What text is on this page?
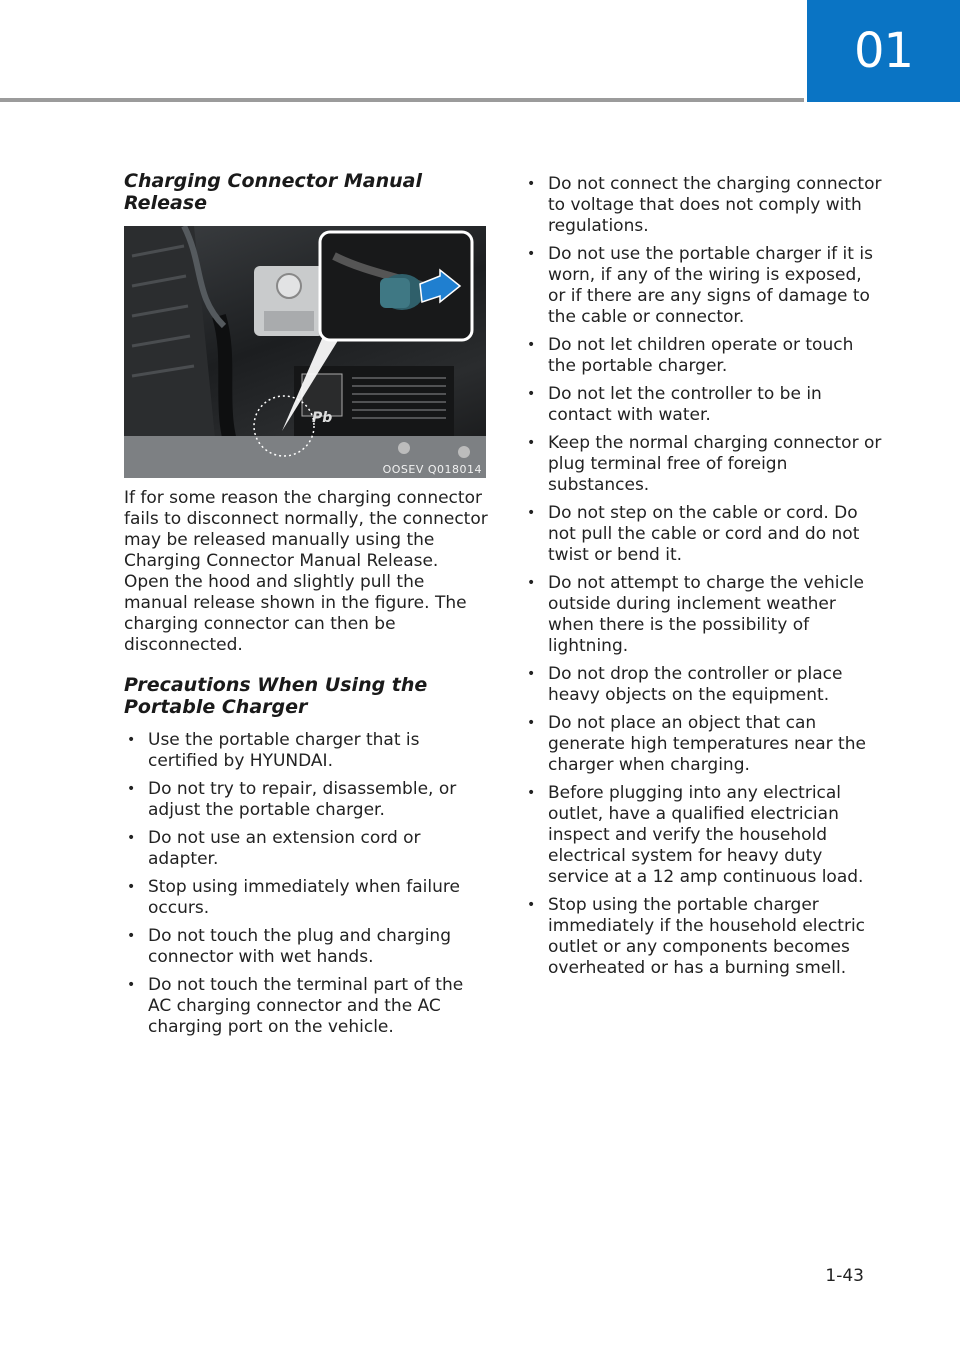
01
Charging Connector Manual Release
Pb
OOSEV Q018014

If for some reason the charging connector fails to disconnect normally, the connector may be released manually using the Charging Connector Manual Release. Open the hood and slightly pull the manual release shown in the figure. The charging connector can then be disconnected.

Precautions When Using the Portable Charger
• Use the portable charger that is certified by HYUNDAI.
• Do not try to repair, disassemble, or adjust the portable charger.
• Do not use an extension cord or adapter.
• Stop using immediately when failure occurs.
• Do not touch the plug and charging connector with wet hands.
• Do not touch the terminal part of the AC charging connector and the AC charging port on the vehicle.
• Do not connect the charging connector to voltage that does not comply with regulations.
• Do not use the portable charger if it is worn, if any of the wiring is exposed, or if there are any signs of damage to the cable or connector.
• Do not let children operate or touch the portable charger.
• Do not let the controller to be in contact with water.
• Keep the normal charging connector or plug terminal free of foreign substances.
• Do not step on the cable or cord. Do not pull the cable or cord and do not twist or bend it.
• Do not attempt to charge the vehicle outside during inclement weather when there is the possibility of lightning.
• Do not drop the controller or place heavy objects on the equipment.
• Do not place an object that can generate high temperatures near the charger when charging.
• Before plugging into any electrical outlet, have a qualified electrician inspect and verify the household electrical system for heavy duty service at a 12 amp continuous load.
• Stop using the portable charger immediately if the household electric outlet or any components becomes overheated or has a burning smell.
1-43
